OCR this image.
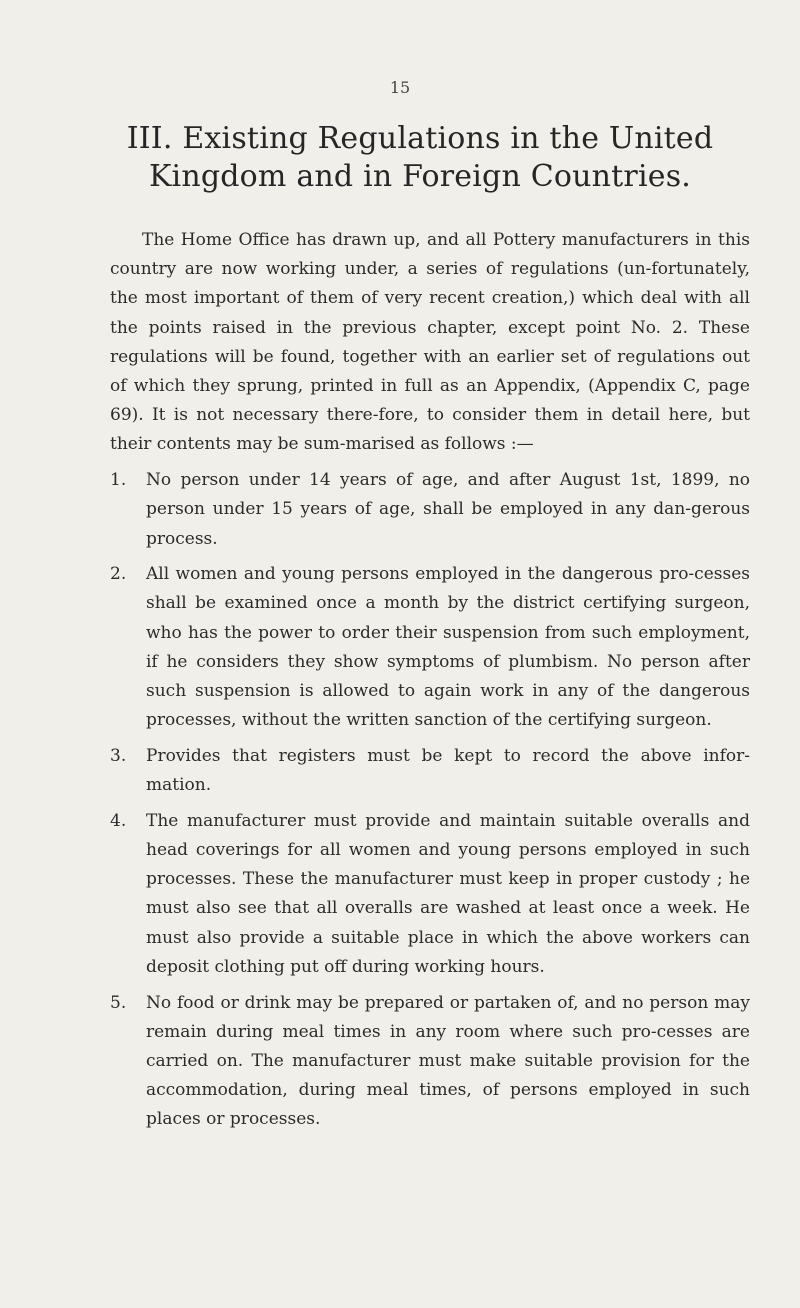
15
III. Existing Regulations in the United Kingdom and in Foreign Countries.

The Home Office has drawn up, and all Pottery manufacturers in this country are now working under, a series of regulations (un-fortunately, the most important of them of very recent creation,) which deal with all the points raised in the previous chapter, except point No. 2. These regulations will be found, together with an earlier set of regulations out of which they sprung, printed in full as an Appendix, (Appendix C, page 69). It is not necessary there-fore, to consider them in detail here, but their contents may be sum-marised as follows :—

1. No person under 14 years of age, and after August 1st, 1899, no person under 15 years of age, shall be employed in any dan-gerous process.
2. All women and young persons employed in the dangerous pro-cesses shall be examined once a month by the district certifying surgeon, who has the power to order their suspension from such employment, if he considers they show symptoms of plumbism. No person after such suspension is allowed to again work in any of the dangerous processes, without the written sanction of the certifying surgeon.
3. Provides that registers must be kept to record the above infor-mation.
4. The manufacturer must provide and maintain suitable overalls and head coverings for all women and young persons employed in such processes. These the manufacturer must keep in proper custody ; he must also see that all overalls are washed at least once a week. He must also provide a suitable place in which the above workers can deposit clothing put off during working hours.
5. No food or drink may be prepared or partaken of, and no person may remain during meal times in any room where such pro-cesses are carried on. The manufacturer must make suitable provision for the accommodation, during meal times, of persons employed in such places or processes.
